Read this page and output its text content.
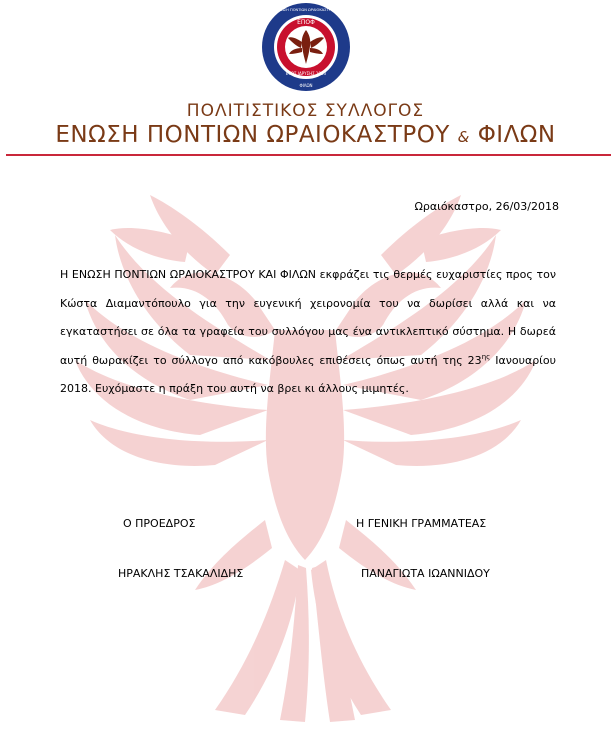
ΕΠΟΦ
ΕΤΟΣ ΙΔΡΥΣΗΣ 1993
ΦΙΛΩΝ
ΕΝΩΣΗ ΠΟΝΤΙΩΝ ΩΡΑΙΟΚΑΣΤΡΟΥ
ΠΟΛΙΤΙΣΤΙΚΟΣ ΣΥΛΛΟΓΟΣ
ΕΝΩΣΗ ΠΟΝΤΙΩΝ ΩΡΑΙΟΚΑΣΤΡΟΥ & ΦΙΛΩΝ
Ωραιόκαστρο, 26/03/2018
Η ΕΝΩΣΗ ΠΟΝΤΙΩΝ ΩΡΑΙΟΚΑΣΤΡΟΥ ΚΑΙ ΦΙΛΩΝ εκφράζει τις θερμές ευχαριστίες προς τον Κώστα Διαμαντόπουλο για την ευγενική χειρονομία του να δωρίσει αλλά και να εγκαταστήσει σε όλα τα γραφεία του συλλόγου μας ένα αντικλεπτικό σύστημα. Η δωρεά αυτή θωρακίζει το σύλλογο από κακόβουλες επιθέσεις όπως αυτή της $23^{\eta\varsigma}$ Ιανουαρίου 2018. Ευχόμαστε η πράξη του αυτή να βρει κι άλλους μιμητές.
Ο ΠΡΟΕΔΡΟΣ
ΗΡΑΚΛΗΣ ΤΣΑΚΑΛΙΔΗΣ
Η ΓΕΝΙΚΗ ΓΡΑΜΜΑΤΕΑΣ
ΠΑΝΑΓΙΩΤΑ ΙΩΑΝΝΙΔΟΥ
